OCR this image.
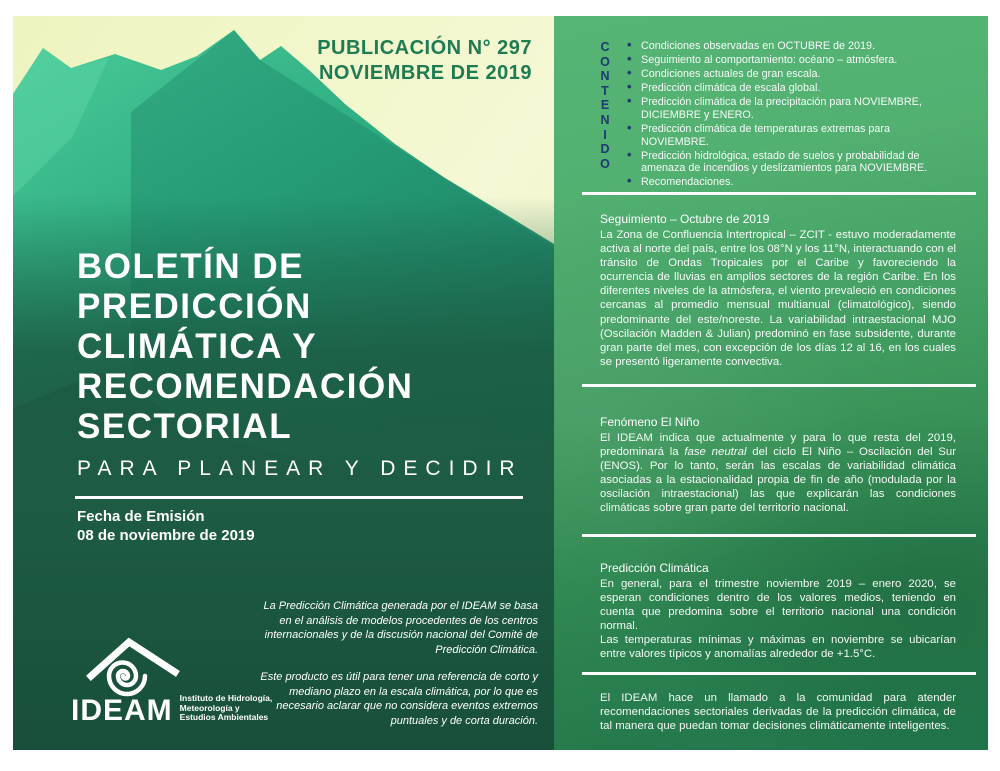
PUBLICACIÓN N° 297
NOVIEMBRE DE 2019
BOLETÍN DE
PREDICCIÓN
CLIMÁTICA Y
RECOMENDACIÓN
SECTORIAL
PARA PLANEAR Y DECIDIR
Fecha de Emisión
08 de noviembre de 2019

La Predicción Climática generada por el IDEAM se basa en el análisis de modelos procedentes de los centros internacionales y de la discusión nacional del Comité de Predicción Climática.

Este producto es útil para tener una referencia de corto y mediano plazo en la escala climática, por lo que es necesario aclarar que no considera eventos extremos puntuales y de corta duración.

IDEAM Instituto de Hidrología,
Meteorología y
Estudios Ambientales
C
O
N
T
E
N
I
D
O
• Condiciones observadas en OCTUBRE de 2019.
• Seguimiento al comportamiento: océano – atmósfera.
• Condiciones actuales de gran escala.
• Predicción climática de escala global.
• Predicción climática de la precipitación para NOVIEMBRE, DICIEMBRE y ENERO.
• Predicción climática de temperaturas extremas para NOVIEMBRE.
• Predicción hidrológica, estado de suelos y probabilidad de amenaza de incendios y deslizamientos para NOVIEMBRE.
• Recomendaciones.
Seguimiento – Octubre de 2019
La Zona de Confluencia Intertropical – ZCIT - estuvo moderadamente activa al norte del país, entre los 08°N y los 11°N, interactuando con el tránsito de Ondas Tropicales por el Caribe y favoreciendo la ocurrencia de lluvias en amplios sectores de la región Caribe. En los diferentes niveles de la atmósfera, el viento prevaleció en condiciones cercanas al promedio mensual multianual (climatológico), siendo predominante del este/noreste. La variabilidad intraestacional MJO (Oscilación Madden & Julian) predominó en fase subsidente, durante gran parte del mes, con excepción de los días 12 al 16, en los cuales se presentó ligeramente convectiva.
Fenómeno El Niño
El IDEAM indica que actualmente y para lo que resta del 2019, predominará la fase neutral del ciclo El Niño – Oscilación del Sur (ENOS). Por lo tanto, serán las escalas de variabilidad climática asociadas a la estacionalidad propia de fin de año (modulada por la oscilación intraestacional) las que explicarán las condiciones climáticas sobre gran parte del territorio nacional.
Predicción Climática
En general, para el trimestre noviembre 2019 – enero 2020, se esperan condiciones dentro de los valores medios, teniendo en cuenta que predomina sobre el territorio nacional una condición normal.
Las temperaturas mínimas y máximas en noviembre se ubicarían entre valores típicos y anomalías alrededor de +1.5°C.
El IDEAM hace un llamado a la comunidad para atender recomendaciones sectoriales derivadas de la predicción climática, de tal manera que puedan tomar decisiones climáticamente inteligentes.
